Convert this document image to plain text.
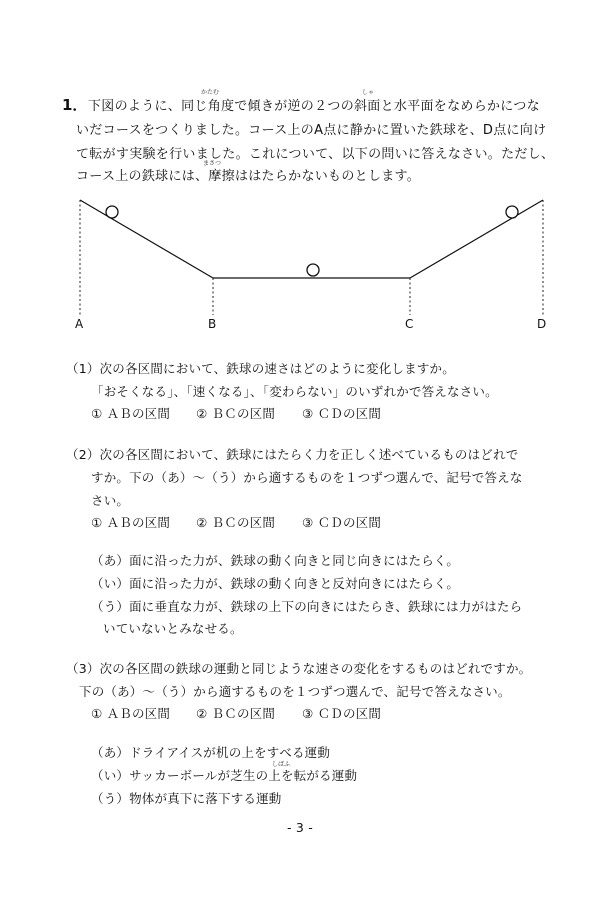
1． 下図のように、同じ角度で傾きが逆の２つの斜面と水平面をなめらかにつな
いだコースをつくりました。コース上のA点に静かに置いた鉄球を、D点に向け
て転がす実験を行いました。これについて、以下の問いに答えなさい。ただし、
コース上の鉄球には、摩擦ははたらかないものとします。
かたむ	しゃ
まさつ
A	B	C	D
（1）次の各区間において、鉄球の速さはどのように変化しますか。
「おそくなる」、「速くなる」、「変わらない」のいずれかで答えなさい。
① ＡＢの区間 ② ＢＣの区間 ③ ＣＤの区間
（2）次の各区間において、鉄球にはたらく力を正しく述べているものはどれで
すか。下の（あ）～（う）から適するものを１つずつ選んで、記号で答えな
さい。
① ＡＢの区間 ② ＢＣの区間 ③ ＣＤの区間
（あ）面に沿った力が、鉄球の動く向きと同じ向きにはたらく。
（い）面に沿った力が、鉄球の動く向きと反対向きにはたらく。
（う）面に垂直な力が、鉄球の上下の向きにはたらき、鉄球には力がはたら
いていないとみなせる。
（3）次の各区間の鉄球の運動と同じような速さの変化をするものはどれですか。
下の（あ）～（う）から適するものを１つずつ選んで、記号で答えなさい。
① ＡＢの区間 ② ＢＣの区間 ③ ＣＤの区間
（あ）ドライアイスが机の上をすべる運動
しばふ
（い）サッカーボールが芝生の上を転がる運動
（う）物体が真下に落下する運動
- 3 -
